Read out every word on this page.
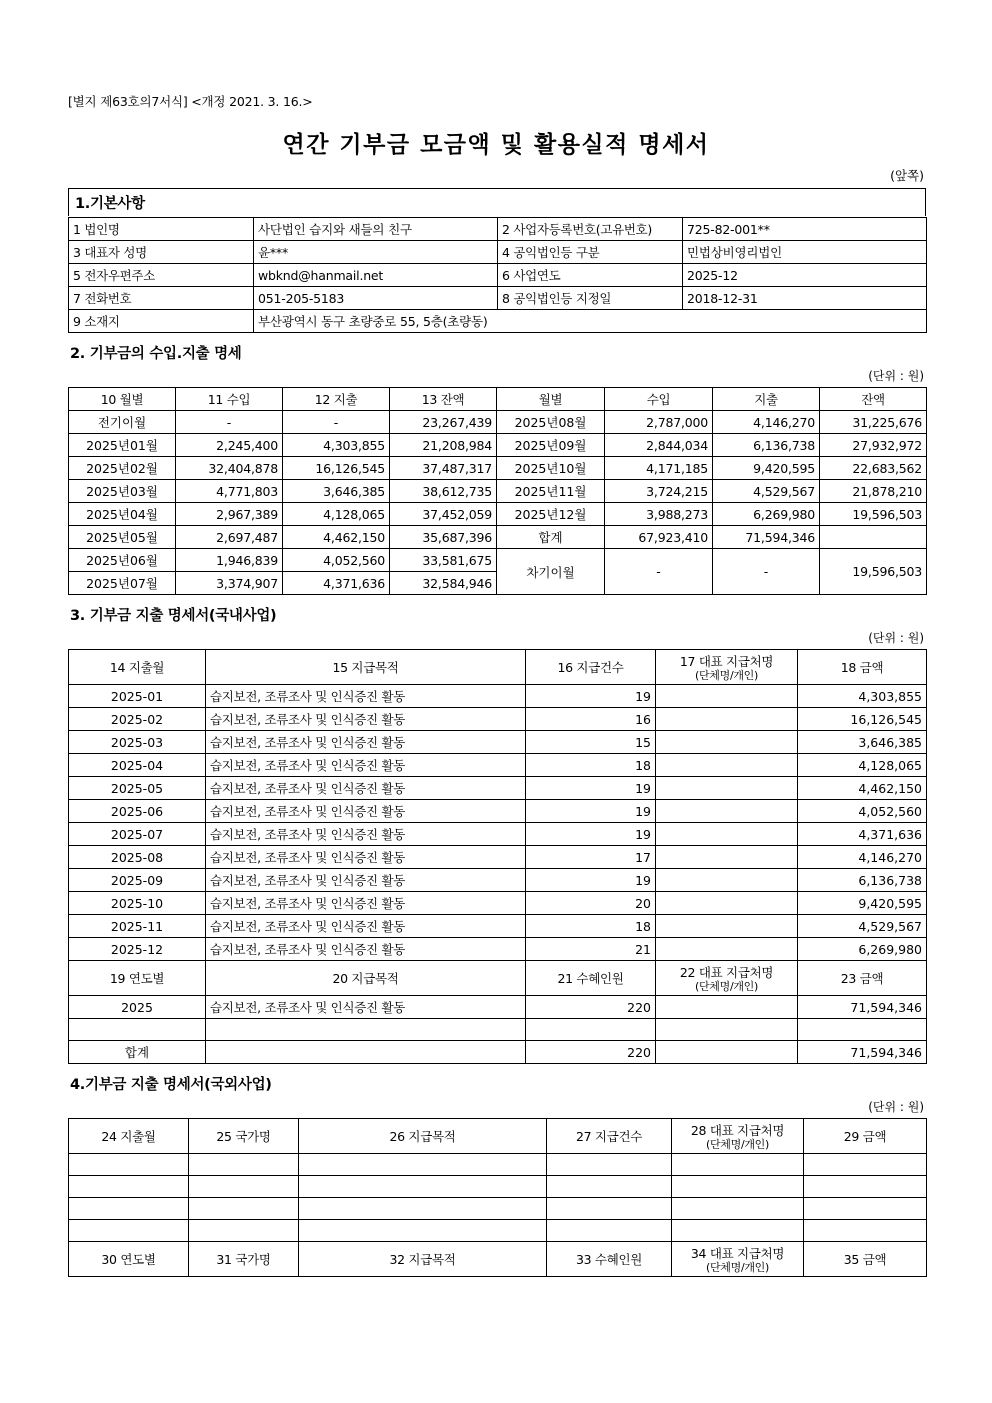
[별지 제63호의7서식] <개정 2021. 3. 16.>
연간 기부금 모금액 및 활용실적 명세서
(앞쪽)
1.기본사항
1 법인명	사단법인 습지와 새들의 친구	2 사업자등록번호(고유번호)	725-82-001**
3 대표자 성명	윤***	4 공익법인등 구분	민법상비영리법인
5 전자우편주소	wbknd@hanmail.net	6 사업연도	2025-12
7 전화번호	051-205-5183	8 공익법인등 지정일	2018-12-31
9 소재지	부산광역시 동구 초량중로 55, 5층(초량동)		
2. 기부금의 수입.지출 명세
(단위 : 원)
10 월별	11 수입	12 지출	13 잔액	월별	수입	지출	잔액
전기이월	-	-	23,267,439	2025년08월	2,787,000	4,146,270	31,225,676
2025년01월	2,245,400	4,303,855	21,208,984	2025년09월	2,844,034	6,136,738	27,932,972
2025년02월	32,404,878	16,126,545	37,487,317	2025년10월	4,171,185	9,420,595	22,683,562
2025년03월	4,771,803	3,646,385	38,612,735	2025년11월	3,724,215	4,529,567	21,878,210
2025년04월	2,967,389	4,128,065	37,452,059	2025년12월	3,988,273	6,269,980	19,596,503
2025년05월	2,697,487	4,462,150	35,687,396	합계	67,923,410	71,594,346	
2025년06월	1,946,839	4,052,560	33,581,675	차기이월	-	-	19,596,503
2025년07월	3,374,907	4,371,636	32,584,946				
3. 기부금 지출 명세서(국내사업)
(단위 : 원)
14 지출월	15 지급목적	16 지급건수	17 대표 지급처명
(단체명/개인)	18 금액
2025-01	습지보전, 조류조사 및 인식증진 활동	19		4,303,855
2025-02	습지보전, 조류조사 및 인식증진 활동	16		16,126,545
2025-03	습지보전, 조류조사 및 인식증진 활동	15		3,646,385
2025-04	습지보전, 조류조사 및 인식증진 활동	18		4,128,065
2025-05	습지보전, 조류조사 및 인식증진 활동	19		4,462,150
2025-06	습지보전, 조류조사 및 인식증진 활동	19		4,052,560
2025-07	습지보전, 조류조사 및 인식증진 활동	19		4,371,636
2025-08	습지보전, 조류조사 및 인식증진 활동	17		4,146,270
2025-09	습지보전, 조류조사 및 인식증진 활동	19		6,136,738
2025-10	습지보전, 조류조사 및 인식증진 활동	20		9,420,595
2025-11	습지보전, 조류조사 및 인식증진 활동	18		4,529,567
2025-12	습지보전, 조류조사 및 인식증진 활동	21		6,269,980
19 연도별	20 지급목적	21 수혜인원	22 대표 지급처명
(단체명/개인)	23 금액
2025	습지보전, 조류조사 및 인식증진 활동	220		71,594,346

합계		220		71,594,346
4.기부금 지출 명세서(국외사업)
(단위 : 원)
24 지출월	25 국가명	26 지급목적	27 지급건수	28 대표 지급처명
(단체명/개인)	29 금액

30 연도별	31 국가명	32 지급목적	33 수혜인원	34 대표 지급처명
(단체명/개인)	35 금액
